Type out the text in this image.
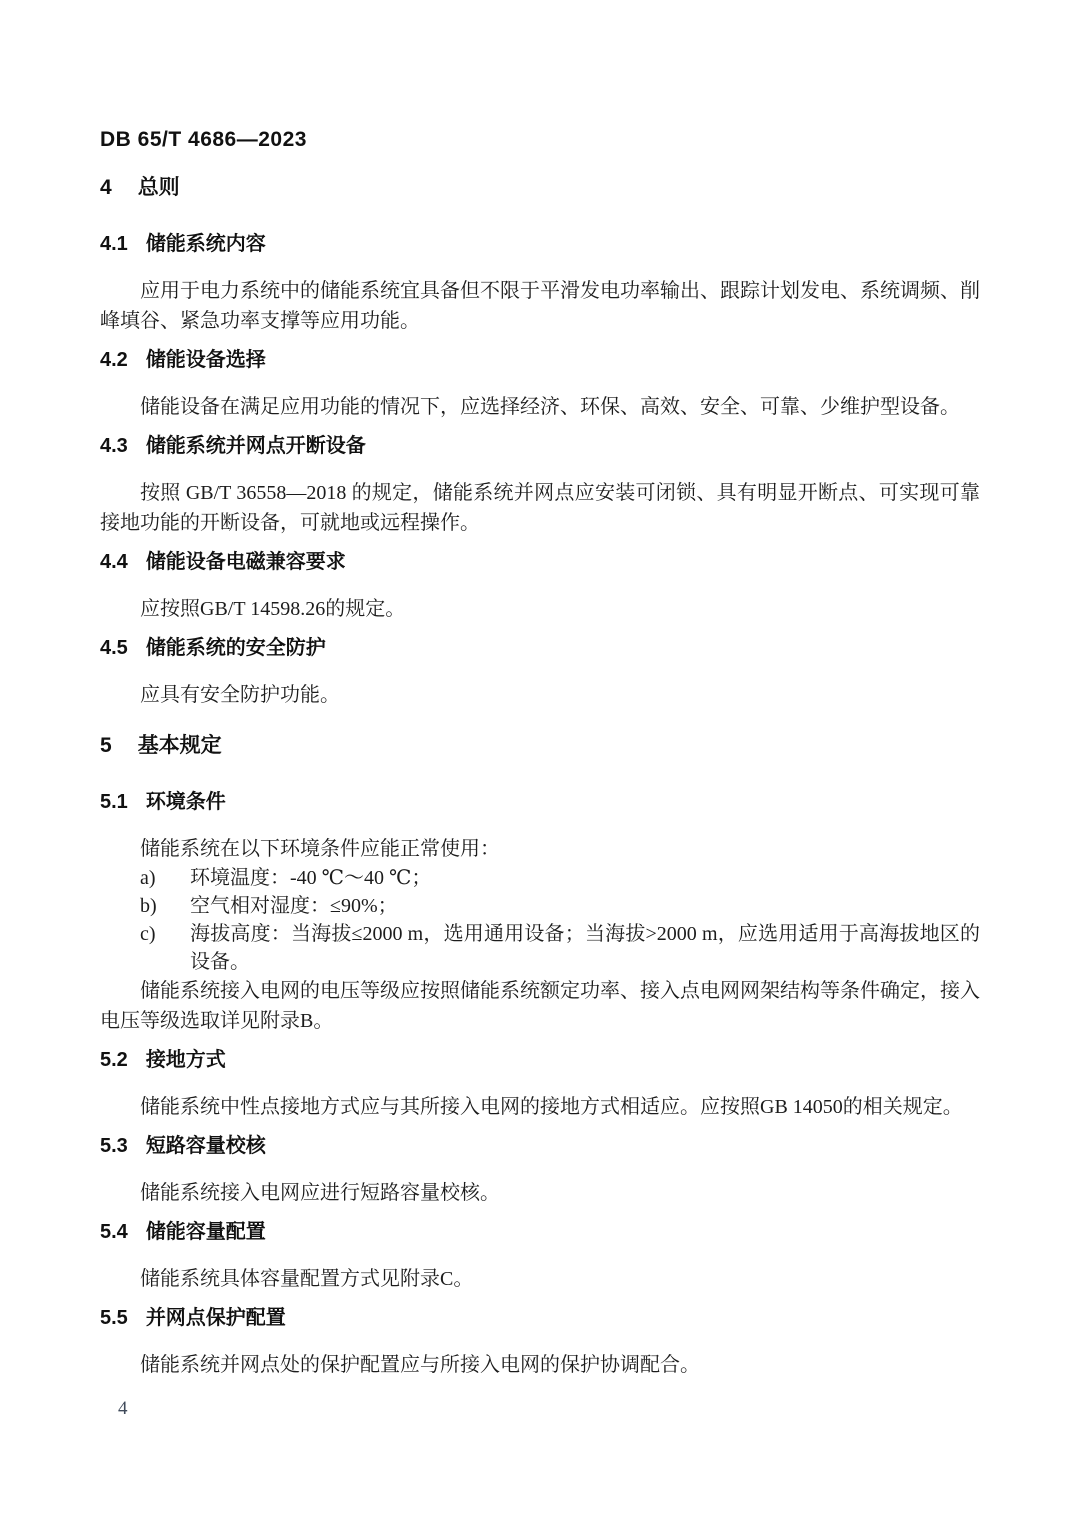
DB 65/T 4686—2023
4 总则
4.1 储能系统内容

应用于电力系统中的储能系统宜具备但不限于平滑发电功率输出、跟踪计划发电、系统调频、削峰填谷、紧急功率支撑等应用功能。

4.2 储能设备选择

储能设备在满足应用功能的情况下，应选择经济、环保、高效、安全、可靠、少维护型设备。

4.3 储能系统并网点开断设备

按照 GB/T 36558—2018 的规定，储能系统并网点应安装可闭锁、具有明显开断点、可实现可靠接地功能的开断设备，可就地或远程操作。

4.4 储能设备电磁兼容要求

应按照GB/T 14598.26的规定。

4.5 储能系统的安全防护

应具有安全防护功能。

5 基本规定
5.1 环境条件

储能系统在以下环境条件应能正常使用：

a) 环境温度：-40 ℃～40 ℃；
b) 空气相对湿度：≤90%；
c) 海拔高度：当海拔≤2000 m，选用通用设备；当海拔>2000 m，应选用适用于高海拔地区的设备。

储能系统接入电网的电压等级应按照储能系统额定功率、接入点电网网架结构等条件确定，接入电压等级选取详见附录B。

5.2 接地方式

储能系统中性点接地方式应与其所接入电网的接地方式相适应。应按照GB 14050的相关规定。

5.3 短路容量校核

储能系统接入电网应进行短路容量校核。

5.4 储能容量配置

储能系统具体容量配置方式见附录C。

5.5 并网点保护配置

储能系统并网点处的保护配置应与所接入电网的保护协调配合。

4
